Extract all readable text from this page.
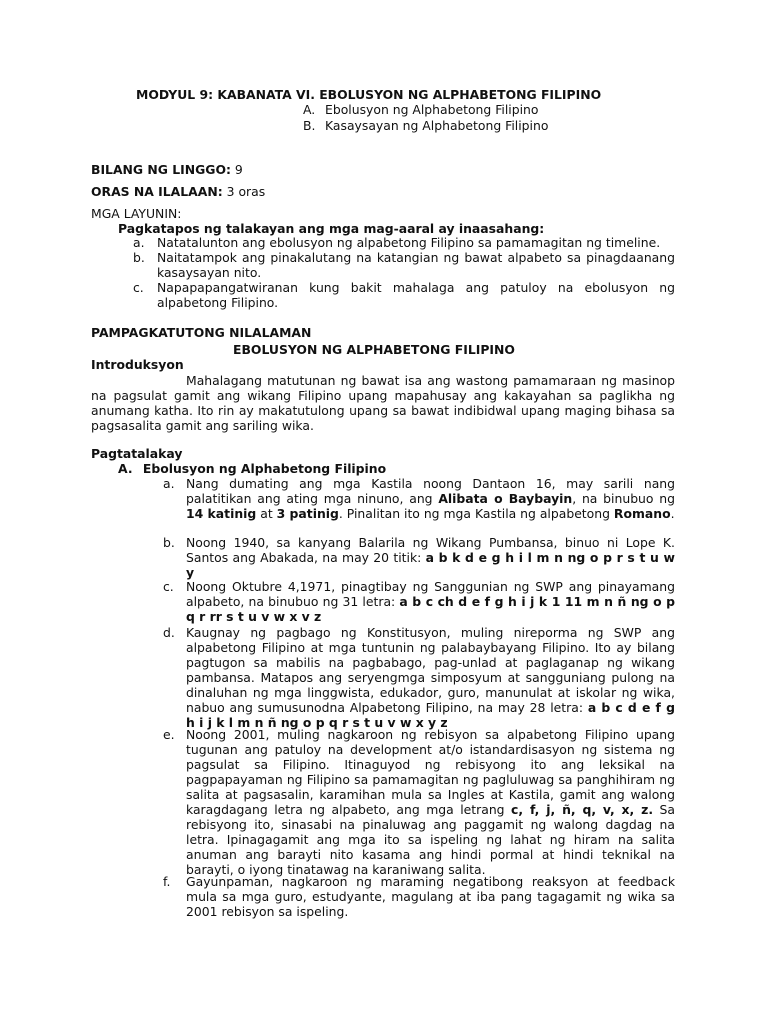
MODYUL 9: KABANATA VI. EBOLUSYON NG ALPHABETONG FILIPINO
A. Ebolusyon ng Alphabetong Filipino
B. Kasaysayan ng Alphabetong Filipino
BILANG NG LINGGO: 9
ORAS NA ILALAAN: 3 oras
MGA LAYUNIN:
Pagkatapos ng talakayan ang mga mag-aaral ay inaasahang:
a. Natatalunton ang ebolusyon ng alpabetong Filipino sa pamamagitan ng timeline.
b. Naitatampok ang pinakalutang na katangian ng bawat alpabeto sa pinagdaanang kasaysayan nito.
c. Napapapangatwiranan kung bakit mahalaga ang patuloy na ebolusyon ng alpabetong Filipino.
PAMPAGKATUTONG NILALAMAN
EBOLUSYON NG ALPHABETONG FILIPINO
Introduksyon
Mahalagang matutunan ng bawat isa ang wastong pamamaraan ng masinop na pagsulat gamit ang wikang Filipino upang mapahusay ang kakayahan sa paglikha ng anumang katha. Ito rin ay makatutulong upang sa bawat indibidwal upang maging bihasa sa pagsasalita gamit ang sariling wika.
Pagtatalakay
A. Ebolusyon ng Alphabetong Filipino
a. Nang dumating ang mga Kastila noong Dantaon 16, may sarili nang palatitikan ang ating mga ninuno, ang Alibata o Baybayin, na binubuo ng 14 katinig at 3 patinig. Pinalitan ito ng mga Kastila ng alpabetong Romano.
b. Noong 1940, sa kanyang Balarila ng Wikang Pumbansa, binuo ni Lope K. Santos ang Abakada, na may 20 titik: a b k d e g h i l m n ng o p r s t u w y
c. Noong Oktubre 4,1971, pinagtibay ng Sanggunian ng SWP ang pinayamang alpabeto, na binubuo ng 31 letra: a b c ch d e f g h i j k 1 11 m n ñ ng o p q r rr s t u v w x v z
d. Kaugnay ng pagbago ng Konstitusyon, muling nireporma ng SWP ang alpabetong Filipino at mga tuntunin ng palabaybayang Filipino. Ito ay bilang pagtugon sa mabilis na pagbabago, pag-unlad at paglaganap ng wikang pambansa. Matapos ang seryengmga simposyum at sangguniang pulong na dinaluhan ng mga linggwista, edukador, guro, manunulat at iskolar ng wika, nabuo ang sumusunodna Alpabetong Filipino, na may 28 letra: a b c d e f g h i j k l m n ñ ng o p q r s t u v w x y z
e. Noong 2001, muling nagkaroon ng rebisyon sa alpabetong Filipino upang tugunan ang patuloy na development at/o istandardisasyon ng sistema ng pagsulat sa Filipino. Itinaguyod ng rebisyong ito ang leksikal na pagpapayaman ng Filipino sa pamamagitan ng pagluluwag sa panghihiram ng salita at pagsasalin, karamihan mula sa Ingles at Kastila, gamit ang walong karagdagang letra ng alpabeto, ang mga letrang c, f, j, ñ, q, v, x, z. Sa rebisyong ito, sinasabi na pinaluwag ang paggamit ng walong dagdag na letra. Ipinagagamit ang mga ito sa ispeling ng lahat ng hiram na salita anuman ang barayti nito kasama ang hindi pormal at hindi teknikal na barayti, o iyong tinatawag na karaniwang salita.
f. Gayunpaman, nagkaroon ng maraming negatibong reaksyon at feedback mula sa mga guro, estudyante, magulang at iba pang tagagamit ng wika sa 2001 rebisyon sa ispeling.
